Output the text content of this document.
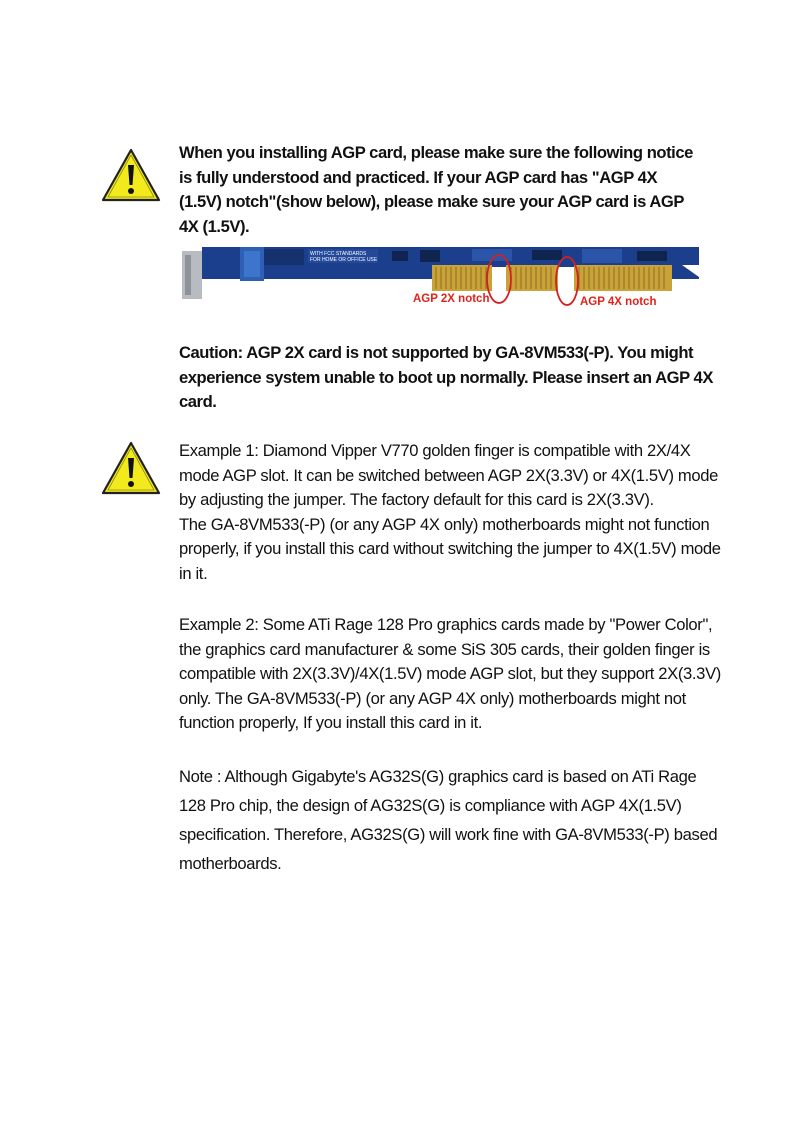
When you installing AGP card, please make sure the following notice
is fully understood and practiced. If your AGP card has "AGP 4X
(1.5V) notch"(show below), please make sure your AGP card is AGP
4X (1.5V).

WITH FCC STANDARDS
FOR HOME OR OFFICE USE
AGP 2X notch	AGP 4X notch

Caution: AGP 2X card is not supported by GA-8VM533(-P). You might
experience system unable to boot up normally. Please insert an AGP 4X
card.

Example 1: Diamond Vipper V770 golden finger is compatible with 2X/4X
mode AGP slot. It can be switched between AGP 2X(3.3V) or 4X(1.5V) mode
by adjusting the jumper. The factory default for this card is 2X(3.3V).
The GA-8VM533(-P) (or any AGP 4X only) motherboards might not function
properly, if you install this card without switching the jumper to 4X(1.5V) mode
in it.

Example 2: Some ATi Rage 128 Pro graphics cards made by "Power Color",
the graphics card manufacturer & some SiS 305 cards, their golden finger is
compatible with 2X(3.3V)/4X(1.5V) mode AGP slot, but they support 2X(3.3V)
only. The GA-8VM533(-P) (or any AGP 4X only) motherboards might not
function properly, If you install this card in it.

Note : Although Gigabyte's AG32S(G) graphics card is based on ATi Rage
128 Pro chip, the design of AG32S(G) is compliance with AGP 4X(1.5V)
specification. Therefore, AG32S(G) will work fine with GA-8VM533(-P) based
motherboards.
